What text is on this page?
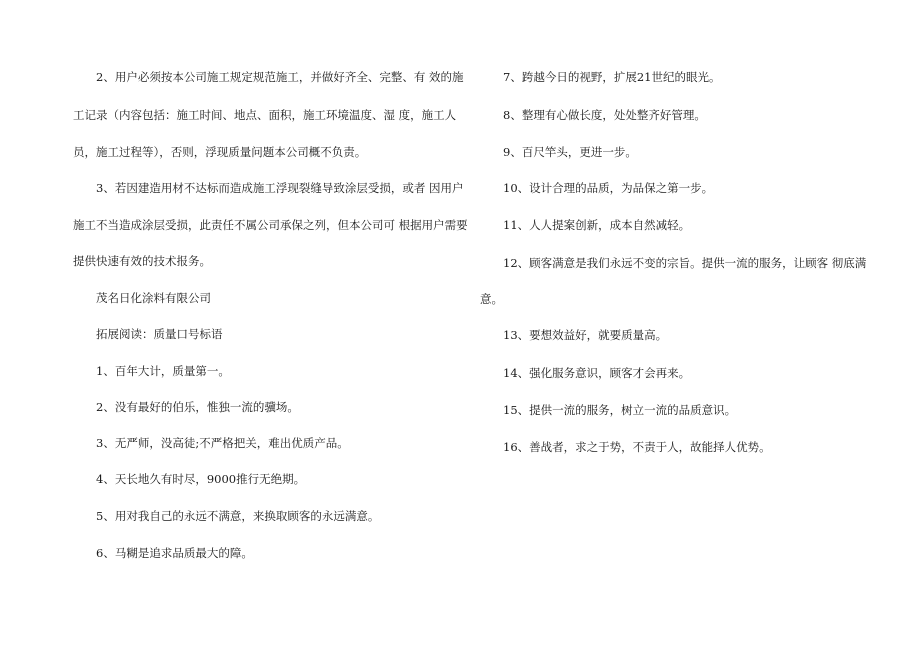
2、用户必须按本公司施工规定规范施工，并做好齐全、完整、有 效的施
工记录（内容包括：施工时间、地点、面积，施工环境温度、湿 度，施工人
员，施工过程等），否则，浮现质量问题本公司概不负责。
3、若因建造用材不达标而造成施工浮现裂缝导致涂层受损，或者 因用户
施工不当造成涂层受损，此责任不属公司承保之列，但本公司可 根据用户需要
提供快速有效的技术报务。
茂名日化涂料有限公司
拓展阅读：质量口号标语
1、百年大计，质量第一。
2、没有最好的伯乐，惟独一流的骥场。
3、无严师，没高徒;不严格把关，难出优质产品。
4、天长地久有时尽，9000推行无绝期。
5、用对我自己的永远不满意，来换取顾客的永远满意。
6、马糊是追求品质最大的障。
7、跨越今日的视野，扩展21世纪的眼光。
8、整理有心做长度，处处整齐好管理。
9、百尺竿头，更进一步。
10、设计合理的品质，为品保之第一步。
11、人人提案创新，成本自然减轻。
12、顾客满意是我们永远不变的宗旨。提供一流的服务，让顾客 彻底满
意。
13、要想效益好，就要质量高。
14、强化服务意识，顾客才会再来。
15、提供一流的服务，树立一流的品质意识。
16、善战者，求之于势，不责于人，故能择人优势。
